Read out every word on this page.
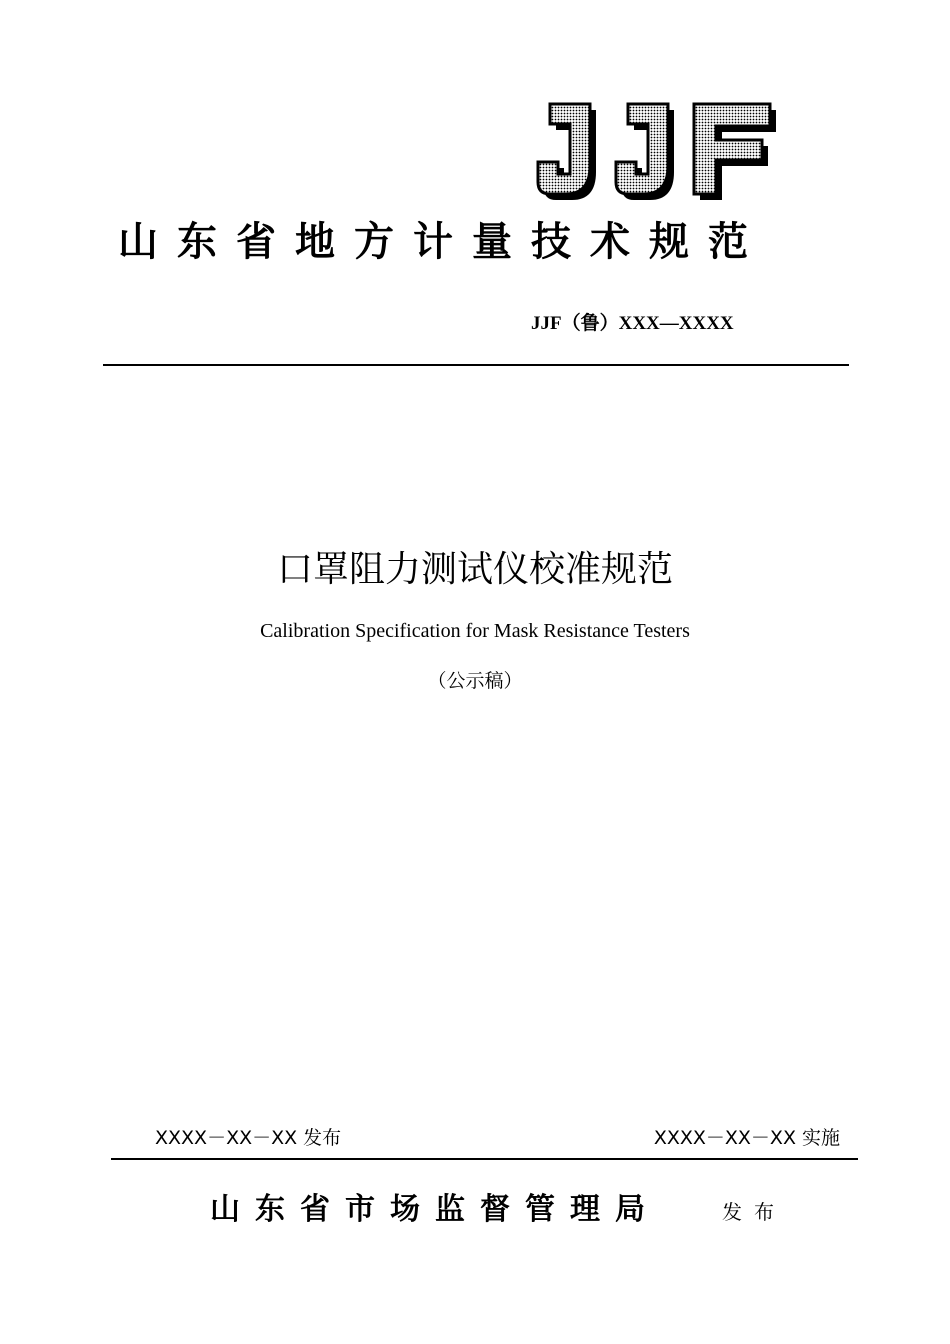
山东省地方计量技术规范
JJF（鲁）XXX—XXXX
口罩阻力测试仪校准规范
Calibration Specification for Mask Resistance Testers
（公示稿）
XXXX－XX－XX 发布	XXXX－XX－XX 实施
山东省市场监督管理局	发布
